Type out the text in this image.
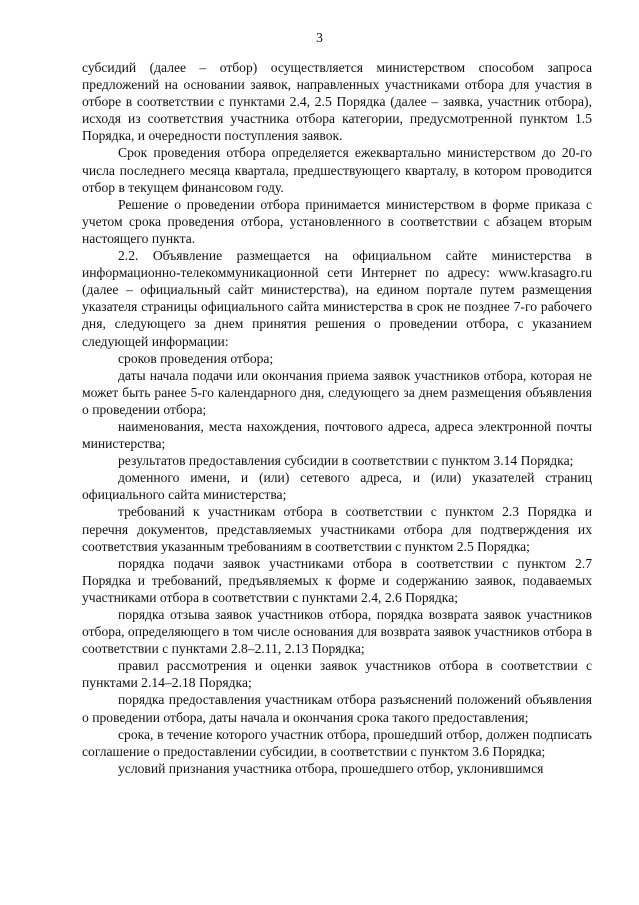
3

субсидий (далее – отбор) осуществляется министерством способом запроса предложений на основании заявок, направленных участниками отбора для участия в отборе в соответствии с пунктами 2.4, 2.5 Порядка (далее – заявка, участник отбора), исходя из соответствия участника отбора категории, предусмотренной пунктом 1.5 Порядка, и очередности поступления заявок.

Срок проведения отбора определяется ежеквартально министерством до 20-го числа последнего месяца квартала, предшествующего кварталу, в котором проводится отбор в текущем финансовом году.

Решение о проведении отбора принимается министерством в форме приказа с учетом срока проведения отбора, установленного в соответствии с абзацем вторым настоящего пункта.

2.2. Объявление размещается на официальном сайте министерства в информационно-телекоммуникационной сети Интернет по адресу: www.krasagro.ru (далее – официальный сайт министерства), на едином портале путем размещения указателя страницы официального сайта министерства в срок не позднее 7-го рабочего дня, следующего за днем принятия решения о проведении отбора, с указанием следующей информации:

сроков проведения отбора;

даты начала подачи или окончания приема заявок участников отбора, которая не может быть ранее 5-го календарного дня, следующего за днем размещения объявления о проведении отбора;

наименования, места нахождения, почтового адреса, адреса электронной почты министерства;

результатов предоставления субсидии в соответствии с пунктом 3.14 Порядка;

доменного имени, и (или) сетевого адреса, и (или) указателей страниц официального сайта министерства;

требований к участникам отбора в соответствии с пунктом 2.3 Порядка и перечня документов, представляемых участниками отбора для подтверждения их соответствия указанным требованиям в соответствии с пунктом 2.5 Порядка;

порядка подачи заявок участниками отбора в соответствии с пунктом 2.7 Порядка и требований, предъявляемых к форме и содержанию заявок, подаваемых участниками отбора в соответствии с пунктами 2.4, 2.6 Порядка;

порядка отзыва заявок участников отбора, порядка возврата заявок участников отбора, определяющего в том числе основания для возврата заявок участников отбора в соответствии с пунктами 2.8–2.11, 2.13 Порядка;

правил рассмотрения и оценки заявок участников отбора в соответствии с пунктами 2.14–2.18 Порядка;

порядка предоставления участникам отбора разъяснений положений объявления о проведении отбора, даты начала и окончания срока такого предоставления;

срока, в течение которого участник отбора, прошедший отбор, должен подписать соглашение о предоставлении субсидии, в соответствии с пунктом 3.6 Порядка;

условий признания участника отбора, прошедшего отбор, уклонившимся
